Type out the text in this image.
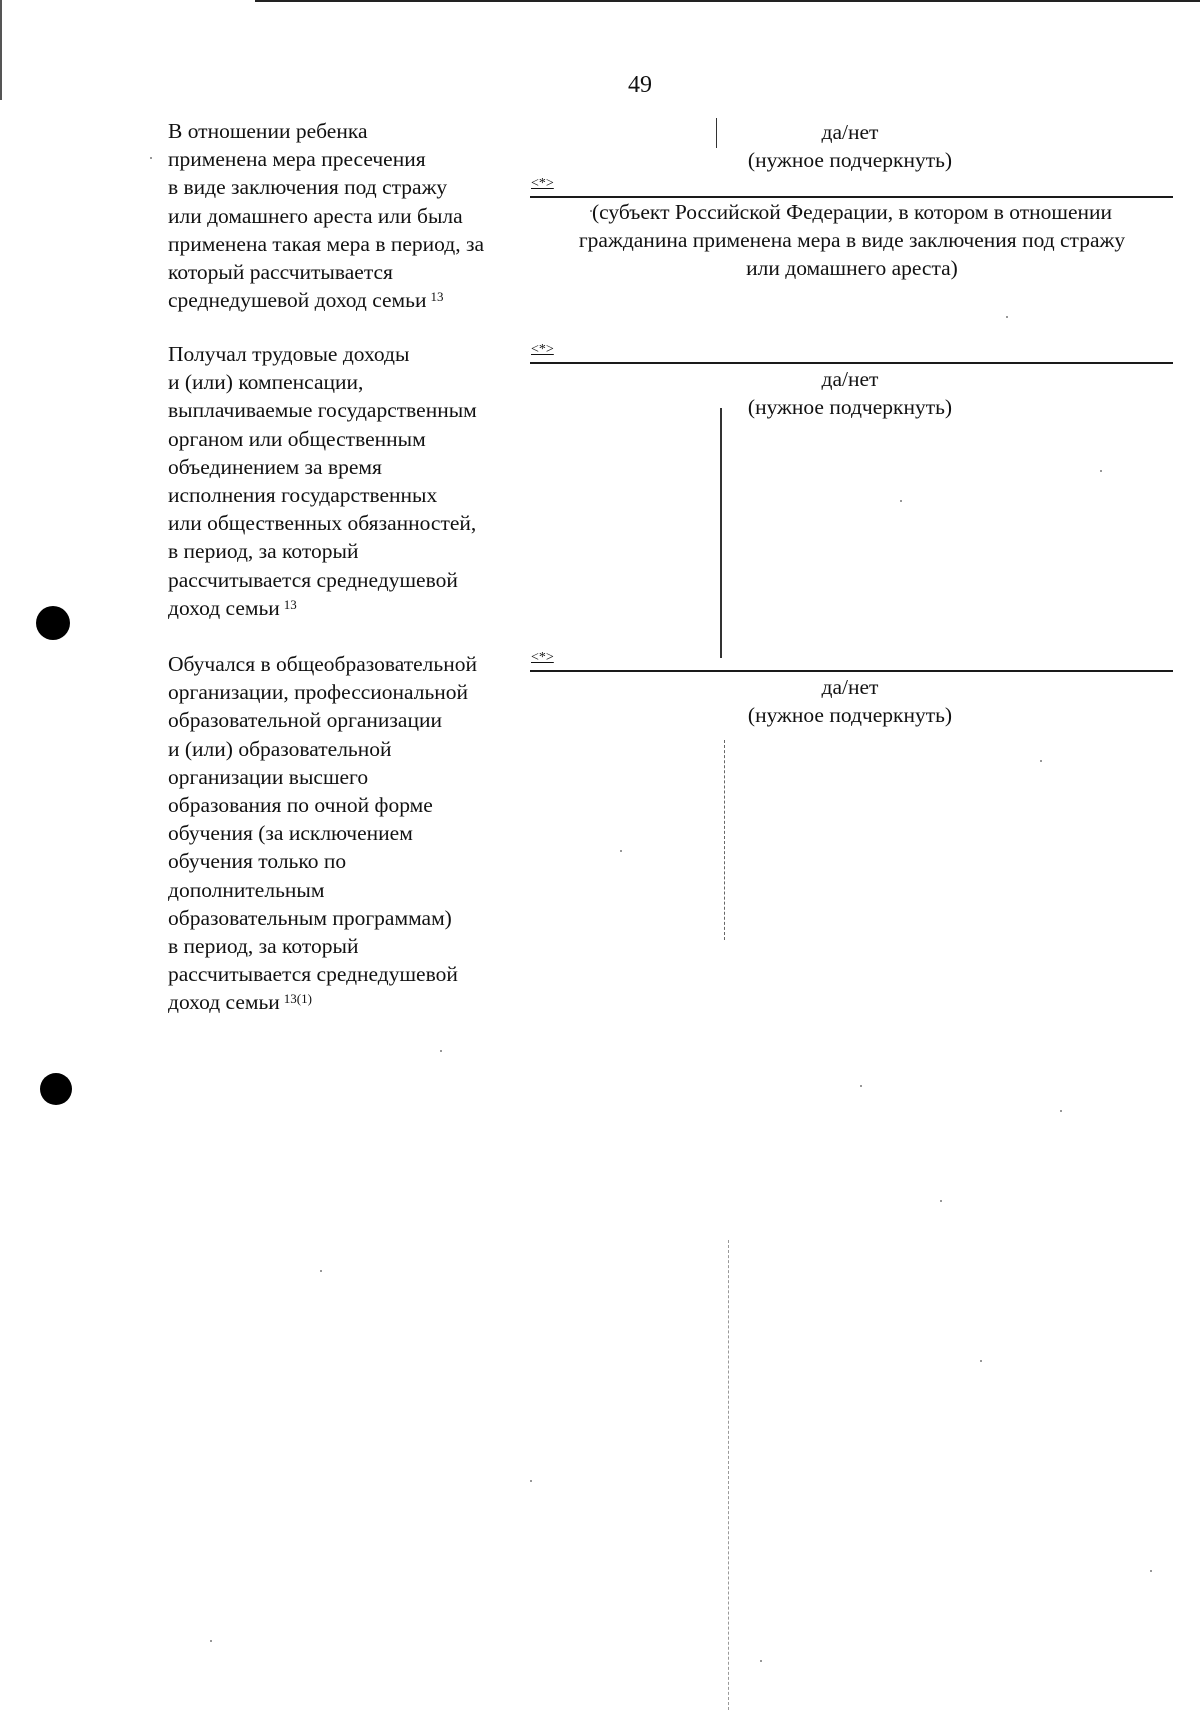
49
В отношении ребенка
применена мера пресечения
в виде заключения под стражу
или домашнего ареста или была
применена такая мера в период, за
который рассчитывается
среднедушевой доход семьи $^{13}$
да/нет
(нужное подчеркнуть)
<*>
(субъект Российской Федерации, в котором в отношении
гражданина применена мера в виде заключения под стражу
или домашнего ареста)
Получал трудовые доходы
и (или) компенсации,
выплачиваемые государственным
органом или общественным
объединением за время
исполнения государственных
или общественных обязанностей,
в период, за который
рассчитывается среднедушевой
доход семьи $^{13}$
<*>
да/нет
(нужное подчеркнуть)
Обучался в общеобразовательной
организации, профессиональной
образовательной организации
и (или) образовательной
организации высшего
образования по очной форме
обучения (за исключением
обучения только по
дополнительным
образовательным программам)
в период, за который
рассчитывается среднедушевой
доход семьи $^{13(1)}$
<*>
да/нет
(нужное подчеркнуть)
